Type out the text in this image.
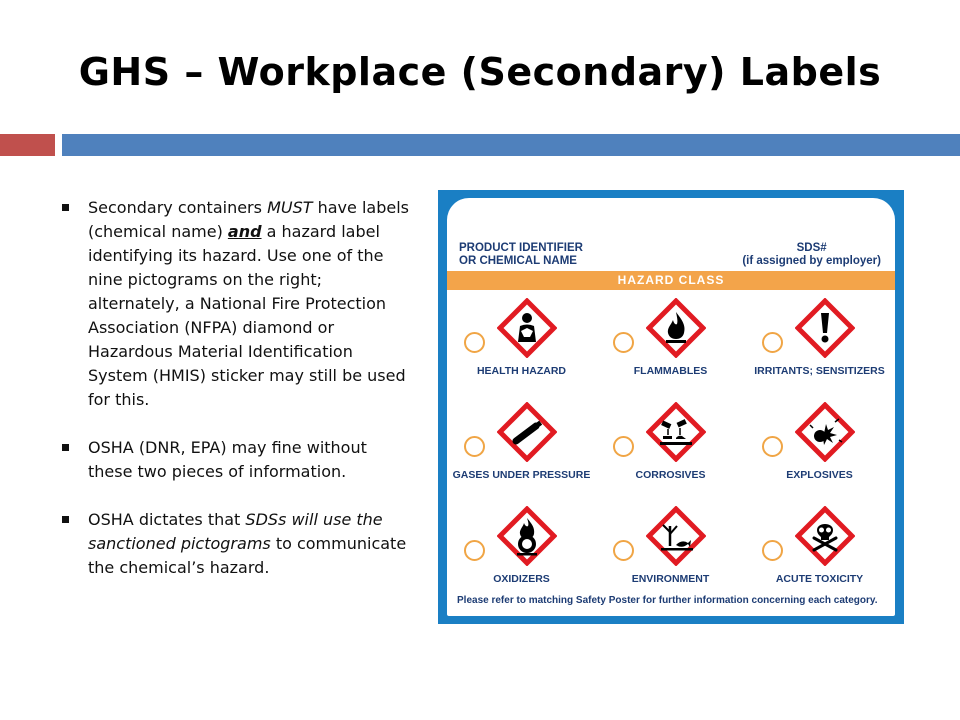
GHS – Workplace (Secondary) Labels
Secondary containers MUST have labels (chemical name) and a hazard label identifying its hazard. Use one of the nine pictograms on the right; alternately, a National Fire Protection Association (NFPA) diamond or Hazardous Material Identification System (HMIS) sticker may still be used for this.
OSHA (DNR, EPA) may fine without these two pieces of information.
OSHA dictates that SDSs will use the sanctioned pictograms to communicate the chemical’s hazard.
PRODUCT IDENTIFIER
OR CHEMICAL NAME
SDS#
(if assigned by employer)
HAZARD CLASS
HEALTH HAZARD	FLAMMABLES	IRRITANTS; SENSITIZERS
GASES UNDER PRESSURE	CORROSIVES	EXPLOSIVES
OXIDIZERS	ENVIRONMENT	ACUTE TOXICITY
Please refer to matching Safety Poster for further information concerning each category.
